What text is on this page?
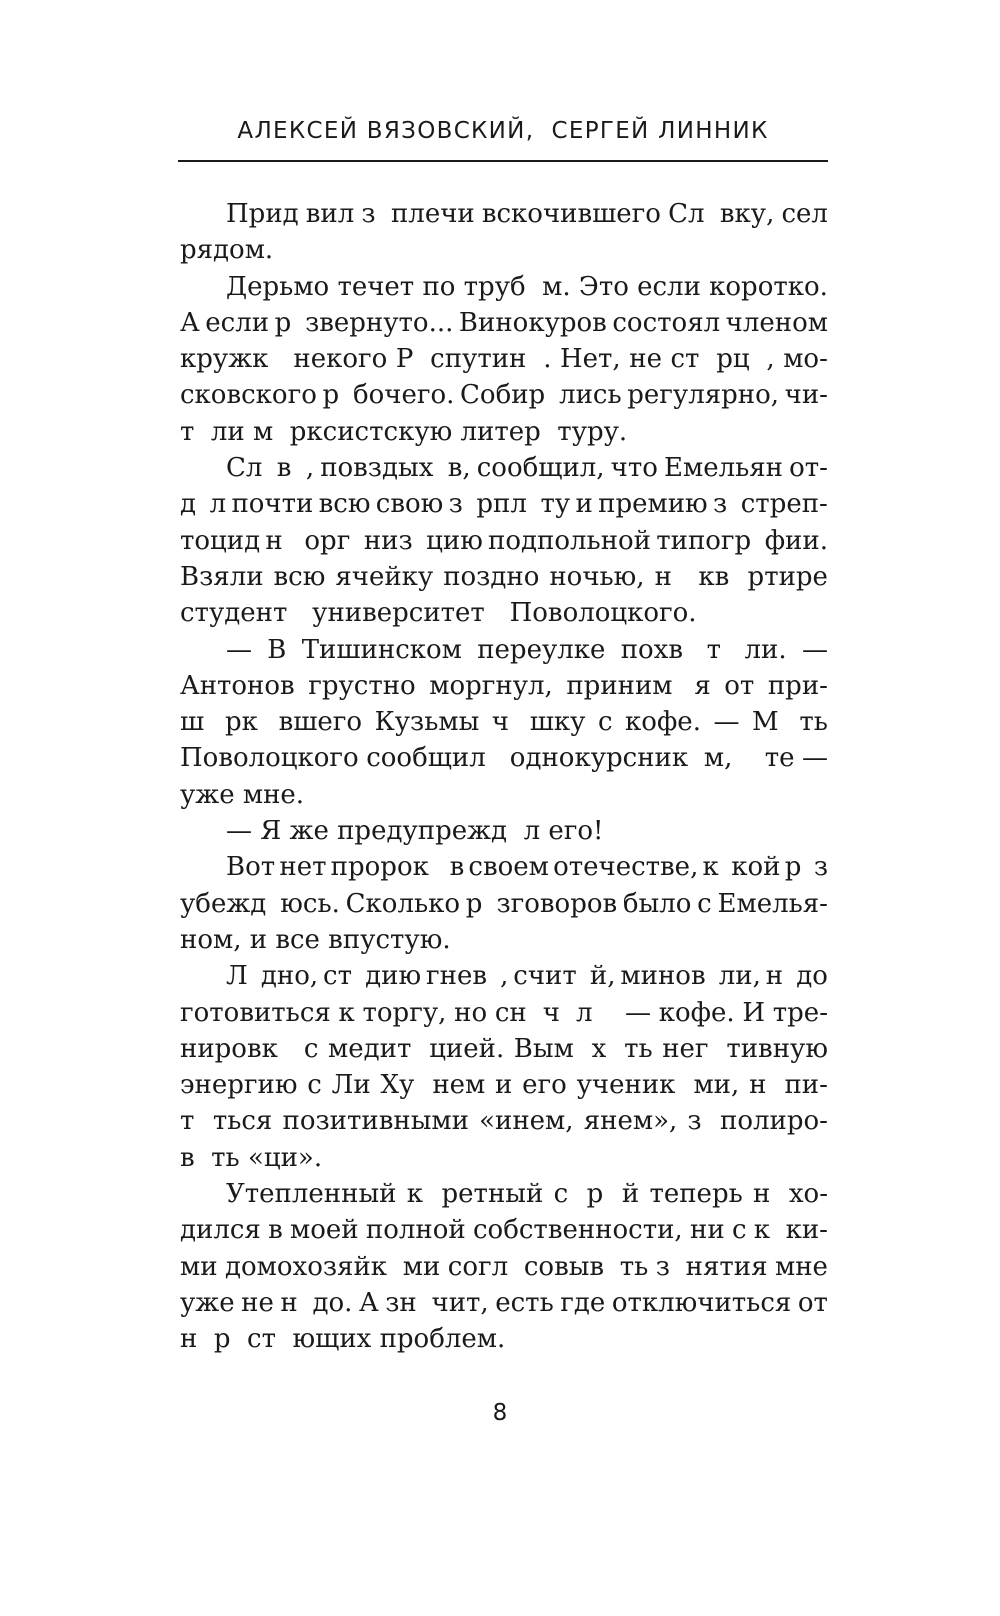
АЛЕКСЕЙ ВЯЗОВСКИЙ,  СЕРГЕЙ ЛИННИК
Прид вил з плечи вскочившего Сл вку, сел
рядом.
Дерьмо течет по труб м. Это если коротко.
А если р звернуто... Винокуров состоял членом
кружк некого Р спутин . Нет, не ст рц , мо-
сковского р бочего. Собир лись регулярно, чи-
т  ли м  рксистскую литер  туру.
Сл в , повздых в, сообщил, что Емельян от-
д л почти всю свою з рпл ту и премию з стреп-
тоцид н орг низ цию подпольной типогр фии.
Взяли всю ячейку поздно ночью, н кв ртире
студент   университет   Поволоцкого.
— В Тишинском переулке похв т ли. —
Антонов грустно моргнул, приним я от при-
ш рк вшего Кузьмы ч шку с кофе. — М ть
Поволоцкого сообщил однокурсник м, те —
уже мне.
— Я же предупрежд  л его!
Вот нет пророк в своем отечестве, к кой р з
убежд юсь. Сколько р зговоров было с Емелья-
ном, и все впустую.
Л дно, ст дию гнев , счит й, минов ли, н до
готовиться к торгу, но сн ч л — кофе. И тре-
нировк с медит цией. Вым х ть нег тивную
энергию с Ли Ху нем и его ученик ми, н пи-
т ться позитивными «инем, янем», з полиро-
в  ть «ци».
Утепленный к ретный с р й теперь н хо-
дился в моей полной собственности, ни с к ки-
ми домохозяйк ми согл совыв ть з нятия мне
уже не н до. А зн чит, есть где отключиться от
н  р  ст  ющих проблем.
8
